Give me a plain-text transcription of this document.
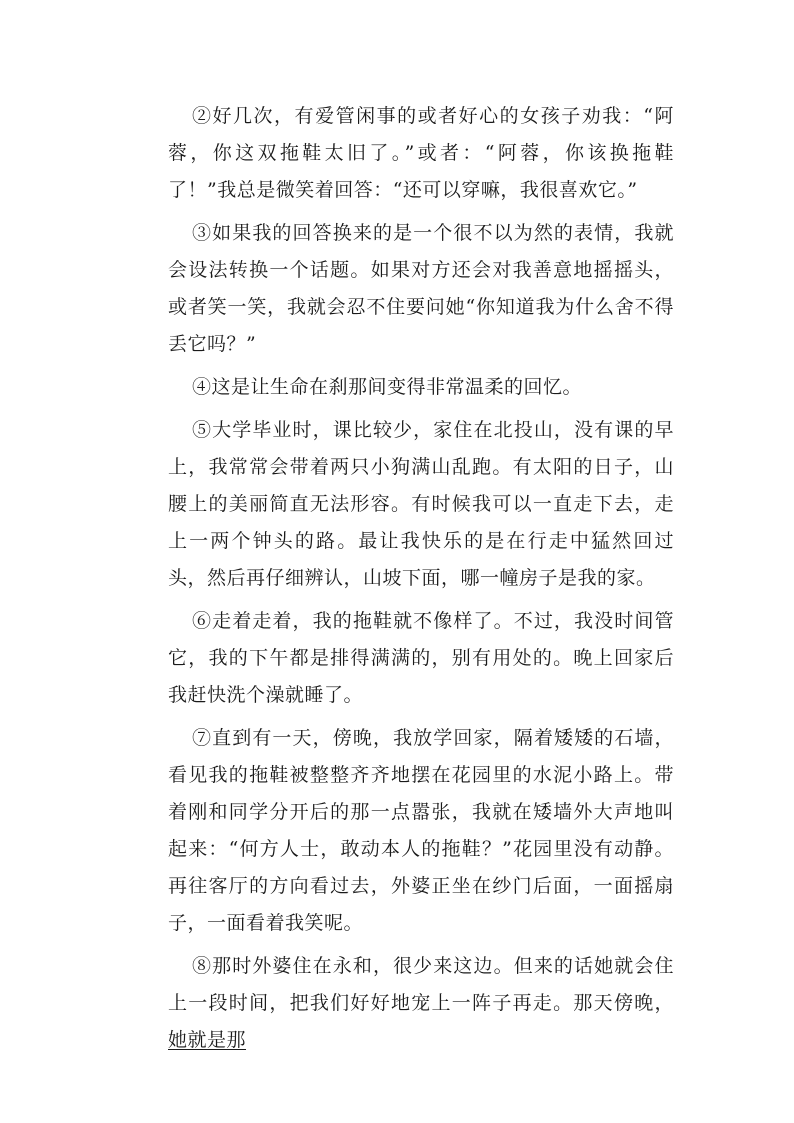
②好几次，有爱管闲事的或者好心的女孩子劝我：“阿蓉，你这双拖鞋太旧了。”或者：“阿蓉，你该换拖鞋了！”我总是微笑着回答：“还可以穿嘛，我很喜欢它。”

③如果我的回答换来的是一个很不以为然的表情，我就会设法转换一个话题。如果对方还会对我善意地摇摇头，或者笑一笑，我就会忍不住要问她“你知道我为什么舍不得丢它吗？”

④这是让生命在刹那间变得非常温柔的回忆。

⑤大学毕业时，课比较少，家住在北投山，没有课的早上，我常常会带着两只小狗满山乱跑。有太阳的日子，山腰上的美丽简直无法形容。有时候我可以一直走下去，走上一两个钟头的路。最让我快乐的是在行走中猛然回过头，然后再仔细辨认，山坡下面，哪一幢房子是我的家。

⑥走着走着，我的拖鞋就不像样了。不过，我没时间管它，我的下午都是排得满满的，别有用处的。晚上回家后我赶快洗个澡就睡了。

⑦直到有一天，傍晚，我放学回家，隔着矮矮的石墙，看见我的拖鞋被整整齐齐地摆在花园里的水泥小路上。带着刚和同学分开后的那一点嚣张，我就在矮墙外大声地叫起来：“何方人士，敢动本人的拖鞋？”花园里没有动静。再往客厅的方向看过去，外婆正坐在纱门后面，一面摇扇子，一面看着我笑呢。

⑧那时外婆住在永和，很少来这边。但来的话她就会住上一段时间，把我们好好地宠上一阵子再走。那天傍晚，她就是那
